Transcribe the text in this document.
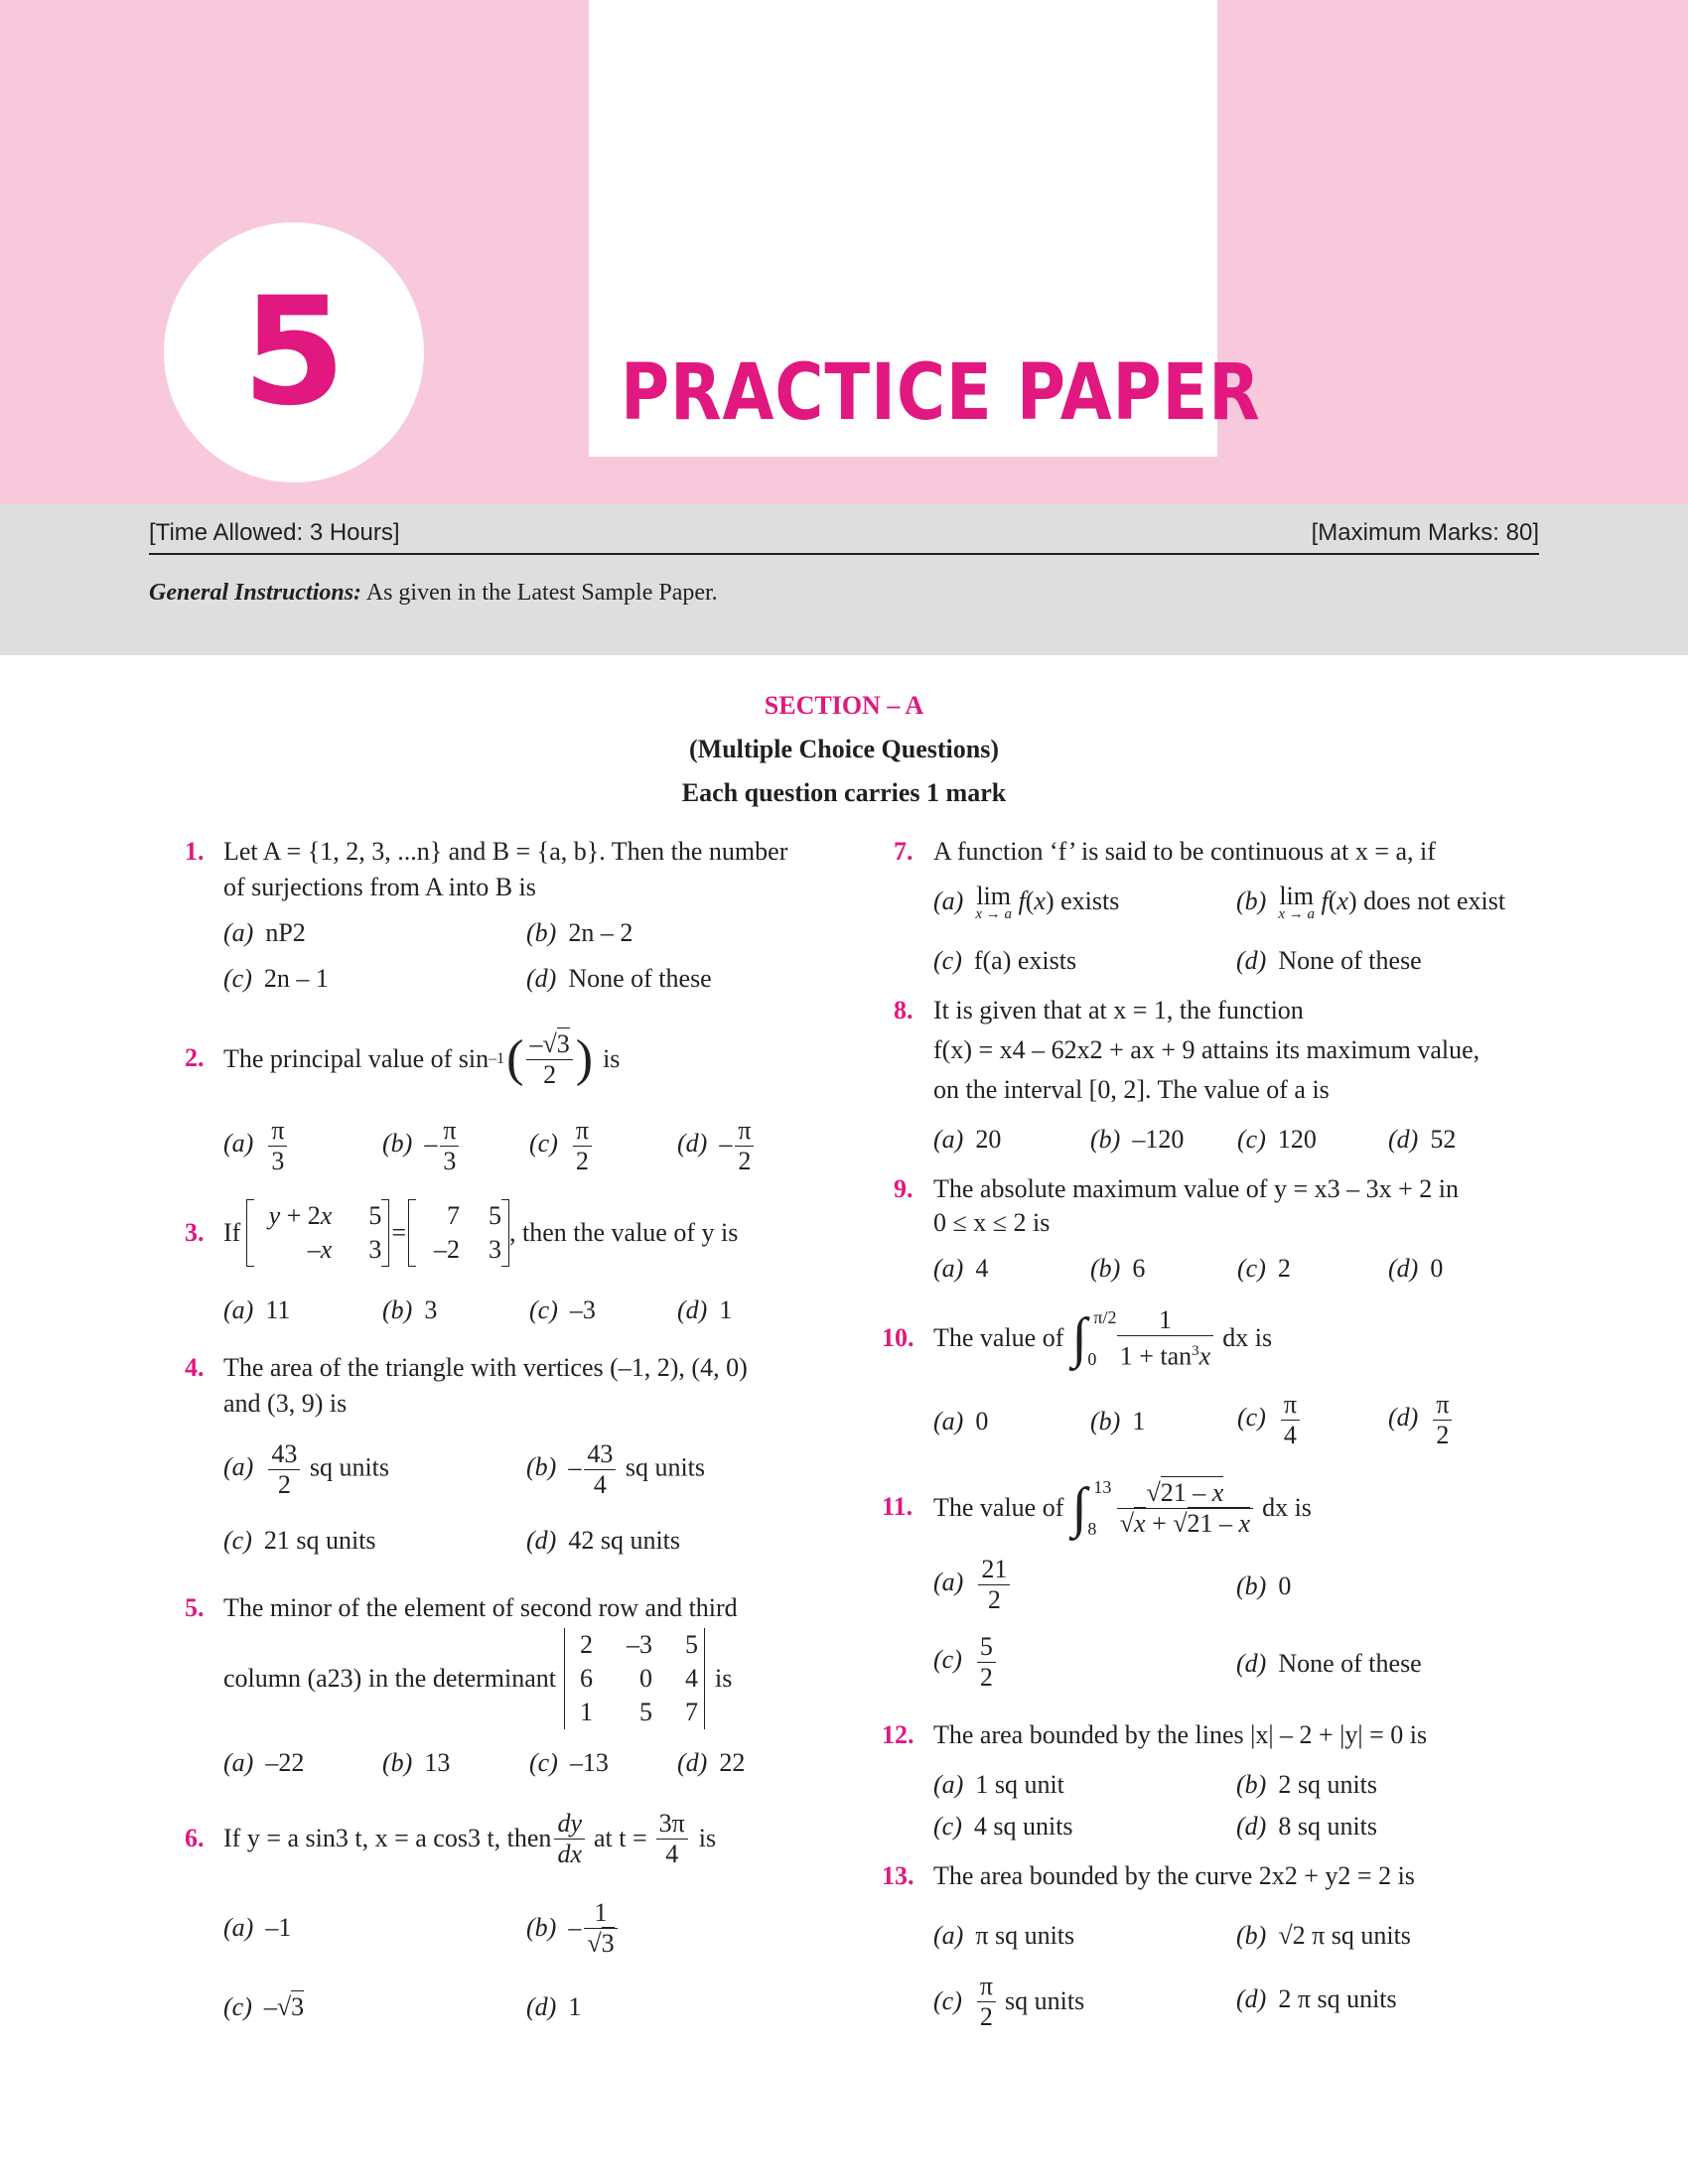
PRACTICE PAPER
5
[Time Allowed: 3 Hours]	[Maximum Marks: 80]
General Instructions: As given in the Latest Sample Paper.
SECTION – A
(Multiple Choice Questions)
Each question carries 1 mark
1. Let A = {1, 2, 3, ...n} and B = {a, b}. Then the number
of surjections from A into B is
(a) nP2	(b) 2n – 2
(c) 2n – 1	(d) None of these
2. The principal value of sin –1 ( $\frac{-√3}{2}$ ) is
$(a) \frac{\pi}{3}$	$(b) - \frac{\pi}{3}$	$(c) \frac{\pi}{2}$	$(d) - \frac{\pi}{2}$
3. If
y + 2x	5
–x	3
=
7	5
–2	3
, then the value of y is
(a) 11	(b) 3	(c) –3	(d) 1
4. The area of the triangle with vertices (–1, 2), (4, 0)
and (3, 9) is
$(a) \frac{43}{2}$ sq units	$(b) - \frac{43}{4}$ sq units
(c) 21 sq units	(d) 42 sq units
5. The minor of the element of second row and third
column (a23) in the determinant
2	–3	5
6	0	4
1	5	7
is
(a) –22	(b) 13	(c) –13	(d) 22
6. If y = a sin3 t, x = a cos3 t, then $\frac{dy}{dx}$ at $t = \frac{3\pi}{4}$ is
(a) –1	$(b) - \frac{1}{√3}$
(c) –√3	(d) 1
7. A function ‘f’ is said to be continuous at x = a, if
(a) lim
x → a f(x) exists	(b) lim
x → a f(x) does not exist
(c) f(a) exists	(d) None of these
8. It is given that at x = 1, the function
f(x) = x4 – 62x2 + ax + 9 attains its maximum value,
on the interval [0, 2]. The value of a is
(a) 20	(b) –120 (c) 120	(d) 52
9. The absolute maximum value of y = x3 – 3x + 2 in
0 ≤ x ≤ 2 is
(a) 4	(b) 6	(c) 2	(d) 0
10. The value of ∫ π/2
$0 \frac{1}{1 + \tan^3x}$ dx is
(a) 0	(b) 1	$(c) \frac{\pi}{4}$	$(d) \frac{\pi}{2}$
11. The value of ∫ 13
$8 \frac{√21 - x}{√x + √21 - x}$ dx is
$(a) \frac{21}{2}$	(b) 0
$(c) \frac{5}{2}$	(d) None of these
12. The area bounded by the lines |x| – 2 + |y| = 0 is
(a) 1 sq unit	(b) 2 sq units
(c) 4 sq units	(d) 8 sq units
13. The area bounded by the curve 2x2 + y2 = 2 is
(a) π sq units	(b) √2 π sq units
$(c) \frac{\pi}{2}$ sq units	(d) 2 π sq units
